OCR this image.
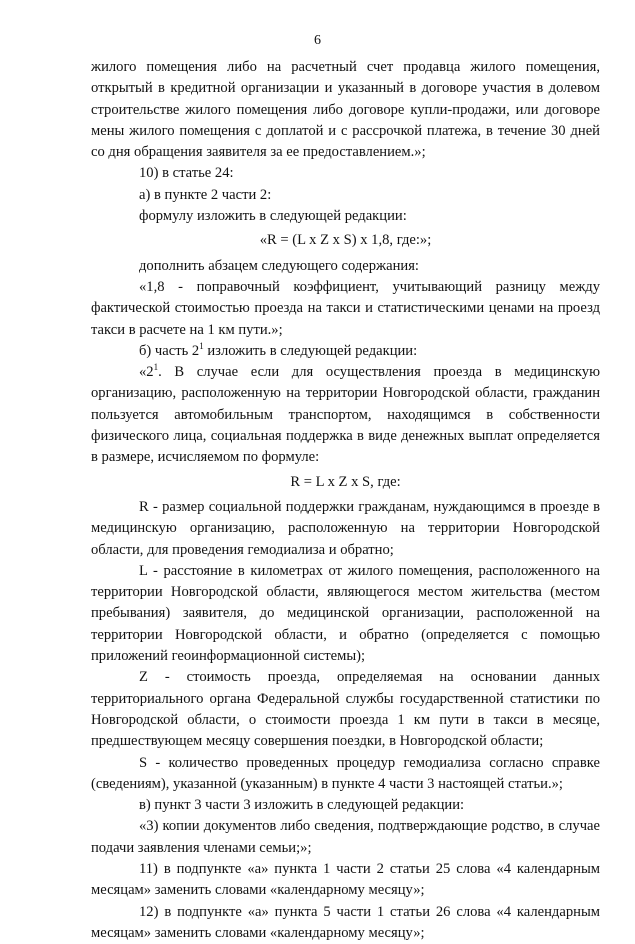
6

жилого помещения либо на расчетный счет продавца жилого помещения, открытый в кредитной организации и указанный в договоре участия в долевом строительстве жилого помещения либо договоре купли-продажи, или договоре мены жилого помещения с доплатой и с рассрочкой платежа, в течение 30 дней со дня обращения заявителя за ее предоставлением.»;

10) в статье 24:

а) в пункте 2 части 2:

формулу изложить в следующей редакции:

«R = (L x Z x S) x 1,8, где:»;

дополнить абзацем следующего содержания:

«1,8 - поправочный коэффициент, учитывающий разницу между фактической стоимостью проезда на такси и статистическими ценами на проезд такси в расчете на 1 км пути.»;

б) часть $2^1$ изложить в следующей редакции:

«$2^1$. В случае если для осуществления проезда в медицинскую организацию, расположенную на территории Новгородской области, гражданин пользуется автомобильным транспортом, находящимся в собственности физического лица, социальная поддержка в виде денежных выплат определяется в размере, исчисляемом по формуле:

R = L x Z x S, где:

R - размер социальной поддержки гражданам, нуждающимся в проезде в медицинскую организацию, расположенную на территории Новгородской области, для проведения гемодиализа и обратно;

L - расстояние в километрах от жилого помещения, расположенного на территории Новгородской области, являющегося местом жительства (местом пребывания) заявителя, до медицинской организации, расположенной на территории Новгородской области, и обратно (определяется с помощью приложений геоинформационной системы);

Z - стоимость проезда, определяемая на основании данных территориального органа Федеральной службы государственной статистики по Новгородской области, о стоимости проезда 1 км пути в такси в месяце, предшествующем месяцу совершения поездки, в Новгородской области;

S - количество проведенных процедур гемодиализа согласно справке (сведениям), указанной (указанным) в пункте 4 части 3 настоящей статьи.»;

в) пункт 3 части 3 изложить в следующей редакции:

«3) копии документов либо сведения, подтверждающие родство, в случае подачи заявления членами семьи;»;

11) в подпункте «а» пункта 1 части 2 статьи 25 слова «4 календарным месяцам» заменить словами «календарному месяцу»;

12) в подпункте «а» пункта 5 части 1 статьи 26 слова «4 календарным месяцам» заменить словами «календарному месяцу»;
